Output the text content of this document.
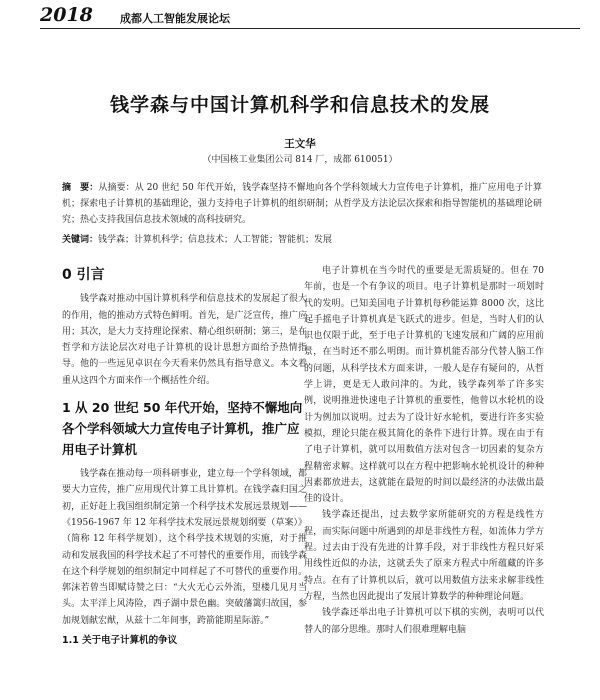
2018 成都人工智能发展论坛
钱学森与中国计算机科学和信息技术的发展
王文华
（中国核工业集团公司 814 厂，成都 610051）
摘　要：从摘要：从 20 世纪 50 年代开始，钱学森坚持不懈地向各个学科领域大力宣传电子计算机，推广应用电子计算机；探索电子计算机的基础理论，强力支持电子计算机的组织研制；从哲学及方法论层次探索和指导智能机的基础理论研究；热心支持我国信息技术领域的高科技研究。
关键词：钱学森；计算机科学；信息技术；人工智能；智能机；发展
0 引言

钱学森对推动中国计算机科学和信息技术的发展起了很大的作用，他的推动方式特色鲜明。首先，是广泛宣传，推广应用；其次，是大力支持理论探索、精心组织研制；第三，是在哲学和方法论层次对电子计算机的设计思想方面给予热情指导。他的一些远见卓识在今天看来仍然具有指导意义。本文着重从这四个方面来作一个概括性介绍。

1 从 20 世纪 50 年代开始，坚持不懈地向各个学科领域大力宣传电子计算机，推广应用电子计算机

钱学森在推动每一项科研事业，建立每一个学科领域，都要大力宣传，推广应用现代计算工具计算机。在钱学森归国之初，正好赶上我国组织制定第一个科学技术发展远景规划——《1956-1967 年 12 年科学技术发展远景规划纲要（草案）》（简称 12 年科学规划），这个科学技术规划的实施，对于推动和发展我国的科学技术起了不可替代的重要作用，而钱学森在这个科学规划的组织制定中同样起了不可替代的重要作用。郭沫若曾当即赋诗赞之曰：“大火无心云外流，望楼几见月当头。太平洋上风涛险，西子湖中景色幽。突破藩篱归故国，参加规划献宏猷，从兹十二年间事，跨箭能期星际游。”

1.1 关于电子计算机的争议

电子计算机在当今时代的重要是无需质疑的。但在 70 年前，也是一个有争议的项目。电子计算机是那时一项划时代的发明。已知美国电子计算机每秒能运算 8000 次，这比起手摇电子计算机真是飞跃式的进步。但是，当时人们的认识也仅限于此，至于电子计算机的飞速发展和广阔的应用前景，在当时还不那么明朗。而计算机能否部分代替人脑工作的问题，从科学技术方面来讲，一般人是存有疑问的，从哲学上讲，更是无人敢问津的。为此，钱学森列举了许多实例，说明推进快速电子计算机的重要性，他曾以水轮机的设计为例加以说明。过去为了设计好水轮机，要进行许多实验模拟，理论只能在极其简化的条件下进行计算。现在由于有了电子计算机，就可以用数值方法对包含一切因素的复杂方程精密求解。这样就可以在方程中把影响水轮机设计的种种因素都放进去，这就能在最短的时间以最经济的办法做出最佳的设计。

钱学森还提出，过去数学家所能研究的方程是线性方程，而实际问题中所遇到的却是非线性方程，如流体力学方程。过去由于没有先进的计算手段，对于非线性方程只好采用线性近似的办法，这就丢失了原来方程式中所蕴藏的许多特点。在有了计算机以后，就可以用数值方法来求解非线性方程，当然也因此提出了发展计算数学的种种理论问题。

钱学森还举出电子计算机可以下棋的实例，表明可以代替人的部分思维。那时人们很难理解电脑
